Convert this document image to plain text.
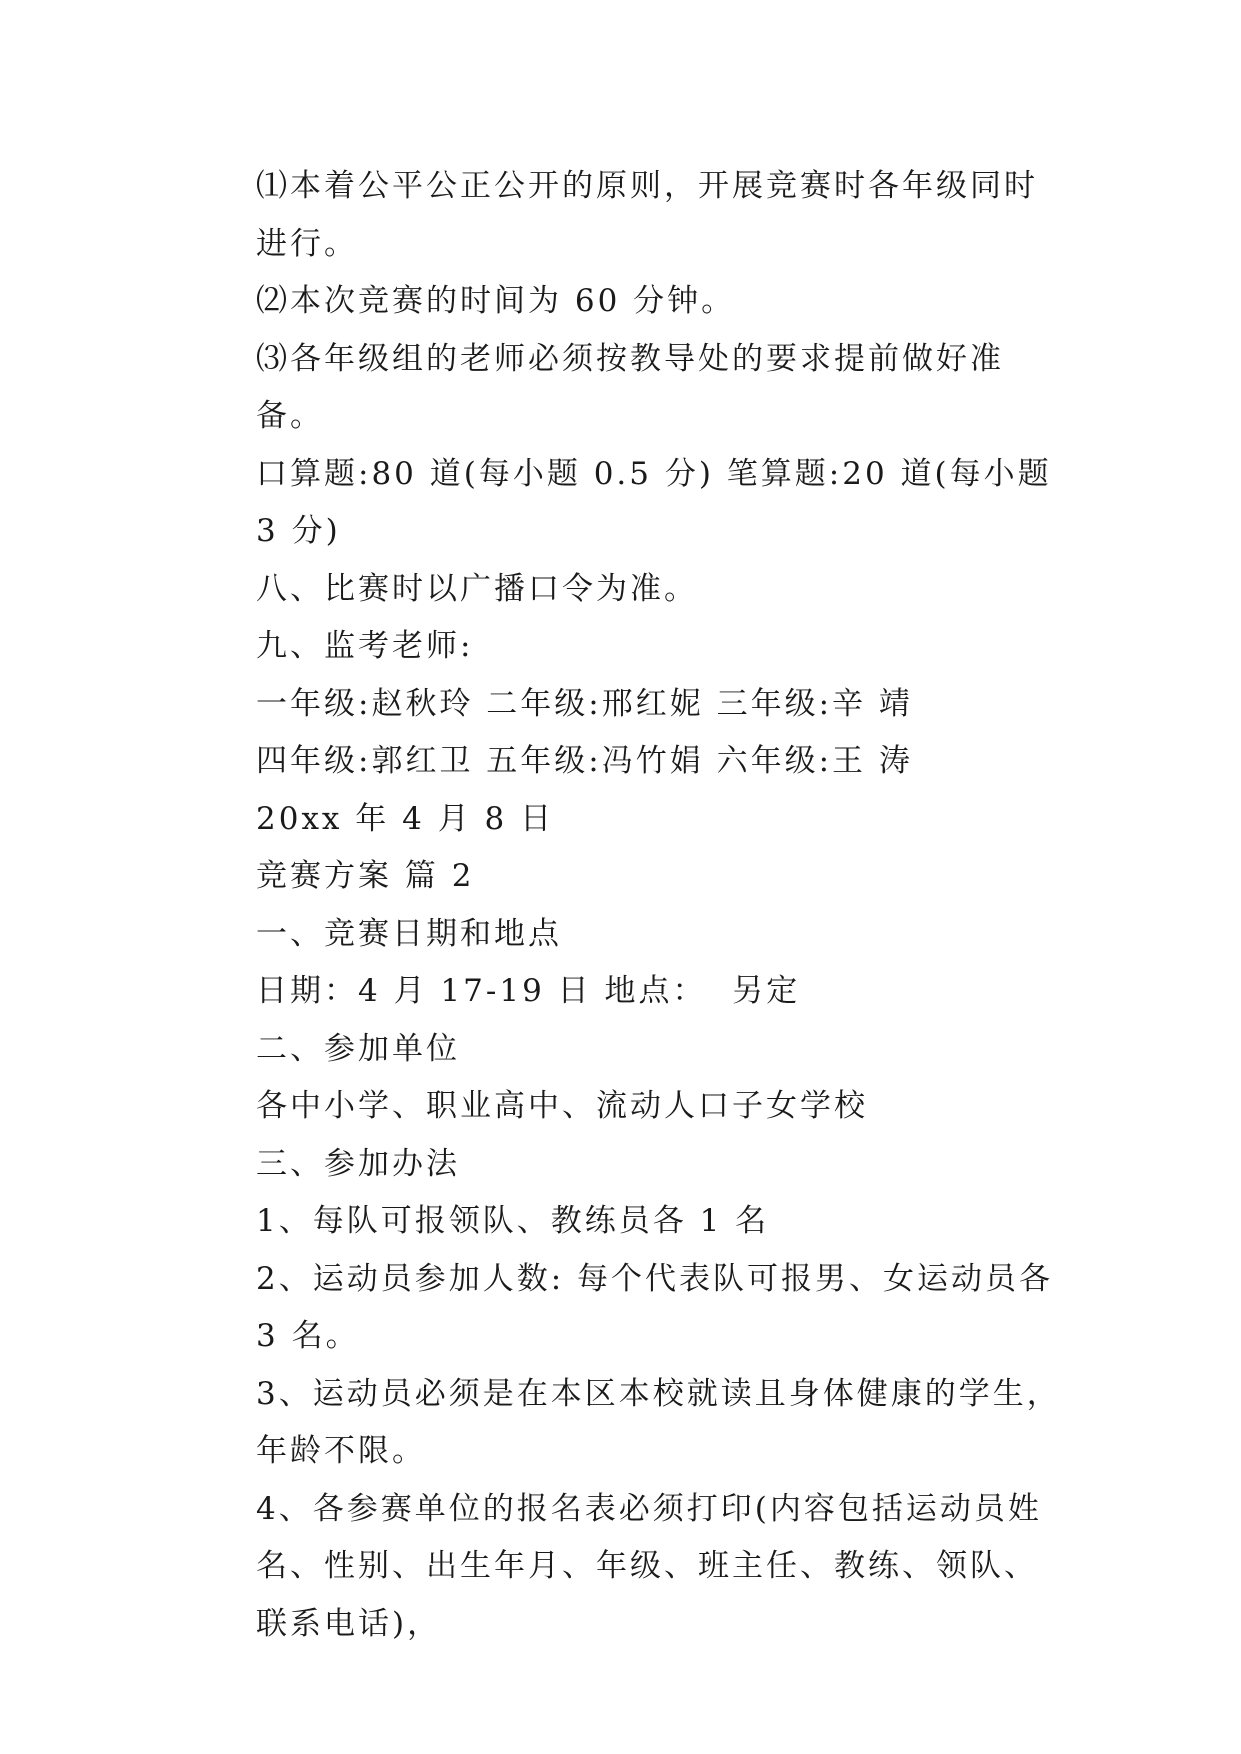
⑴本着公平公正公开的原则，开展竞赛时各年级同时进行。

⑵本次竞赛的时间为 60 分钟。

⑶各年级组的老师必须按教导处的要求提前做好准备。

口算题:80 道(每小题 0.5 分) 笔算题:20 道(每小题 3 分)

八、比赛时以广播口令为准。

九、监考老师:

一年级:赵秋玲 二年级:邢红妮 三年级:辛 靖

四年级:郭红卫 五年级:冯竹娟 六年级:王 涛

20xx 年 4 月 8 日

竞赛方案 篇 2

一、竞赛日期和地点

日期：4 月 17-19 日 地点：  另定

二、参加单位

各中小学、职业高中、流动人口子女学校

三、参加办法

1、每队可报领队、教练员各 1 名

2、运动员参加人数: 每个代表队可报男、女运动员各 3 名。

3、运动员必须是在本区本校就读且身体健康的学生，年龄不限。

4、各参赛单位的报名表必须打印(内容包括运动员姓名、性别、出生年月、年级、班主任、教练、领队、联系电话)，
